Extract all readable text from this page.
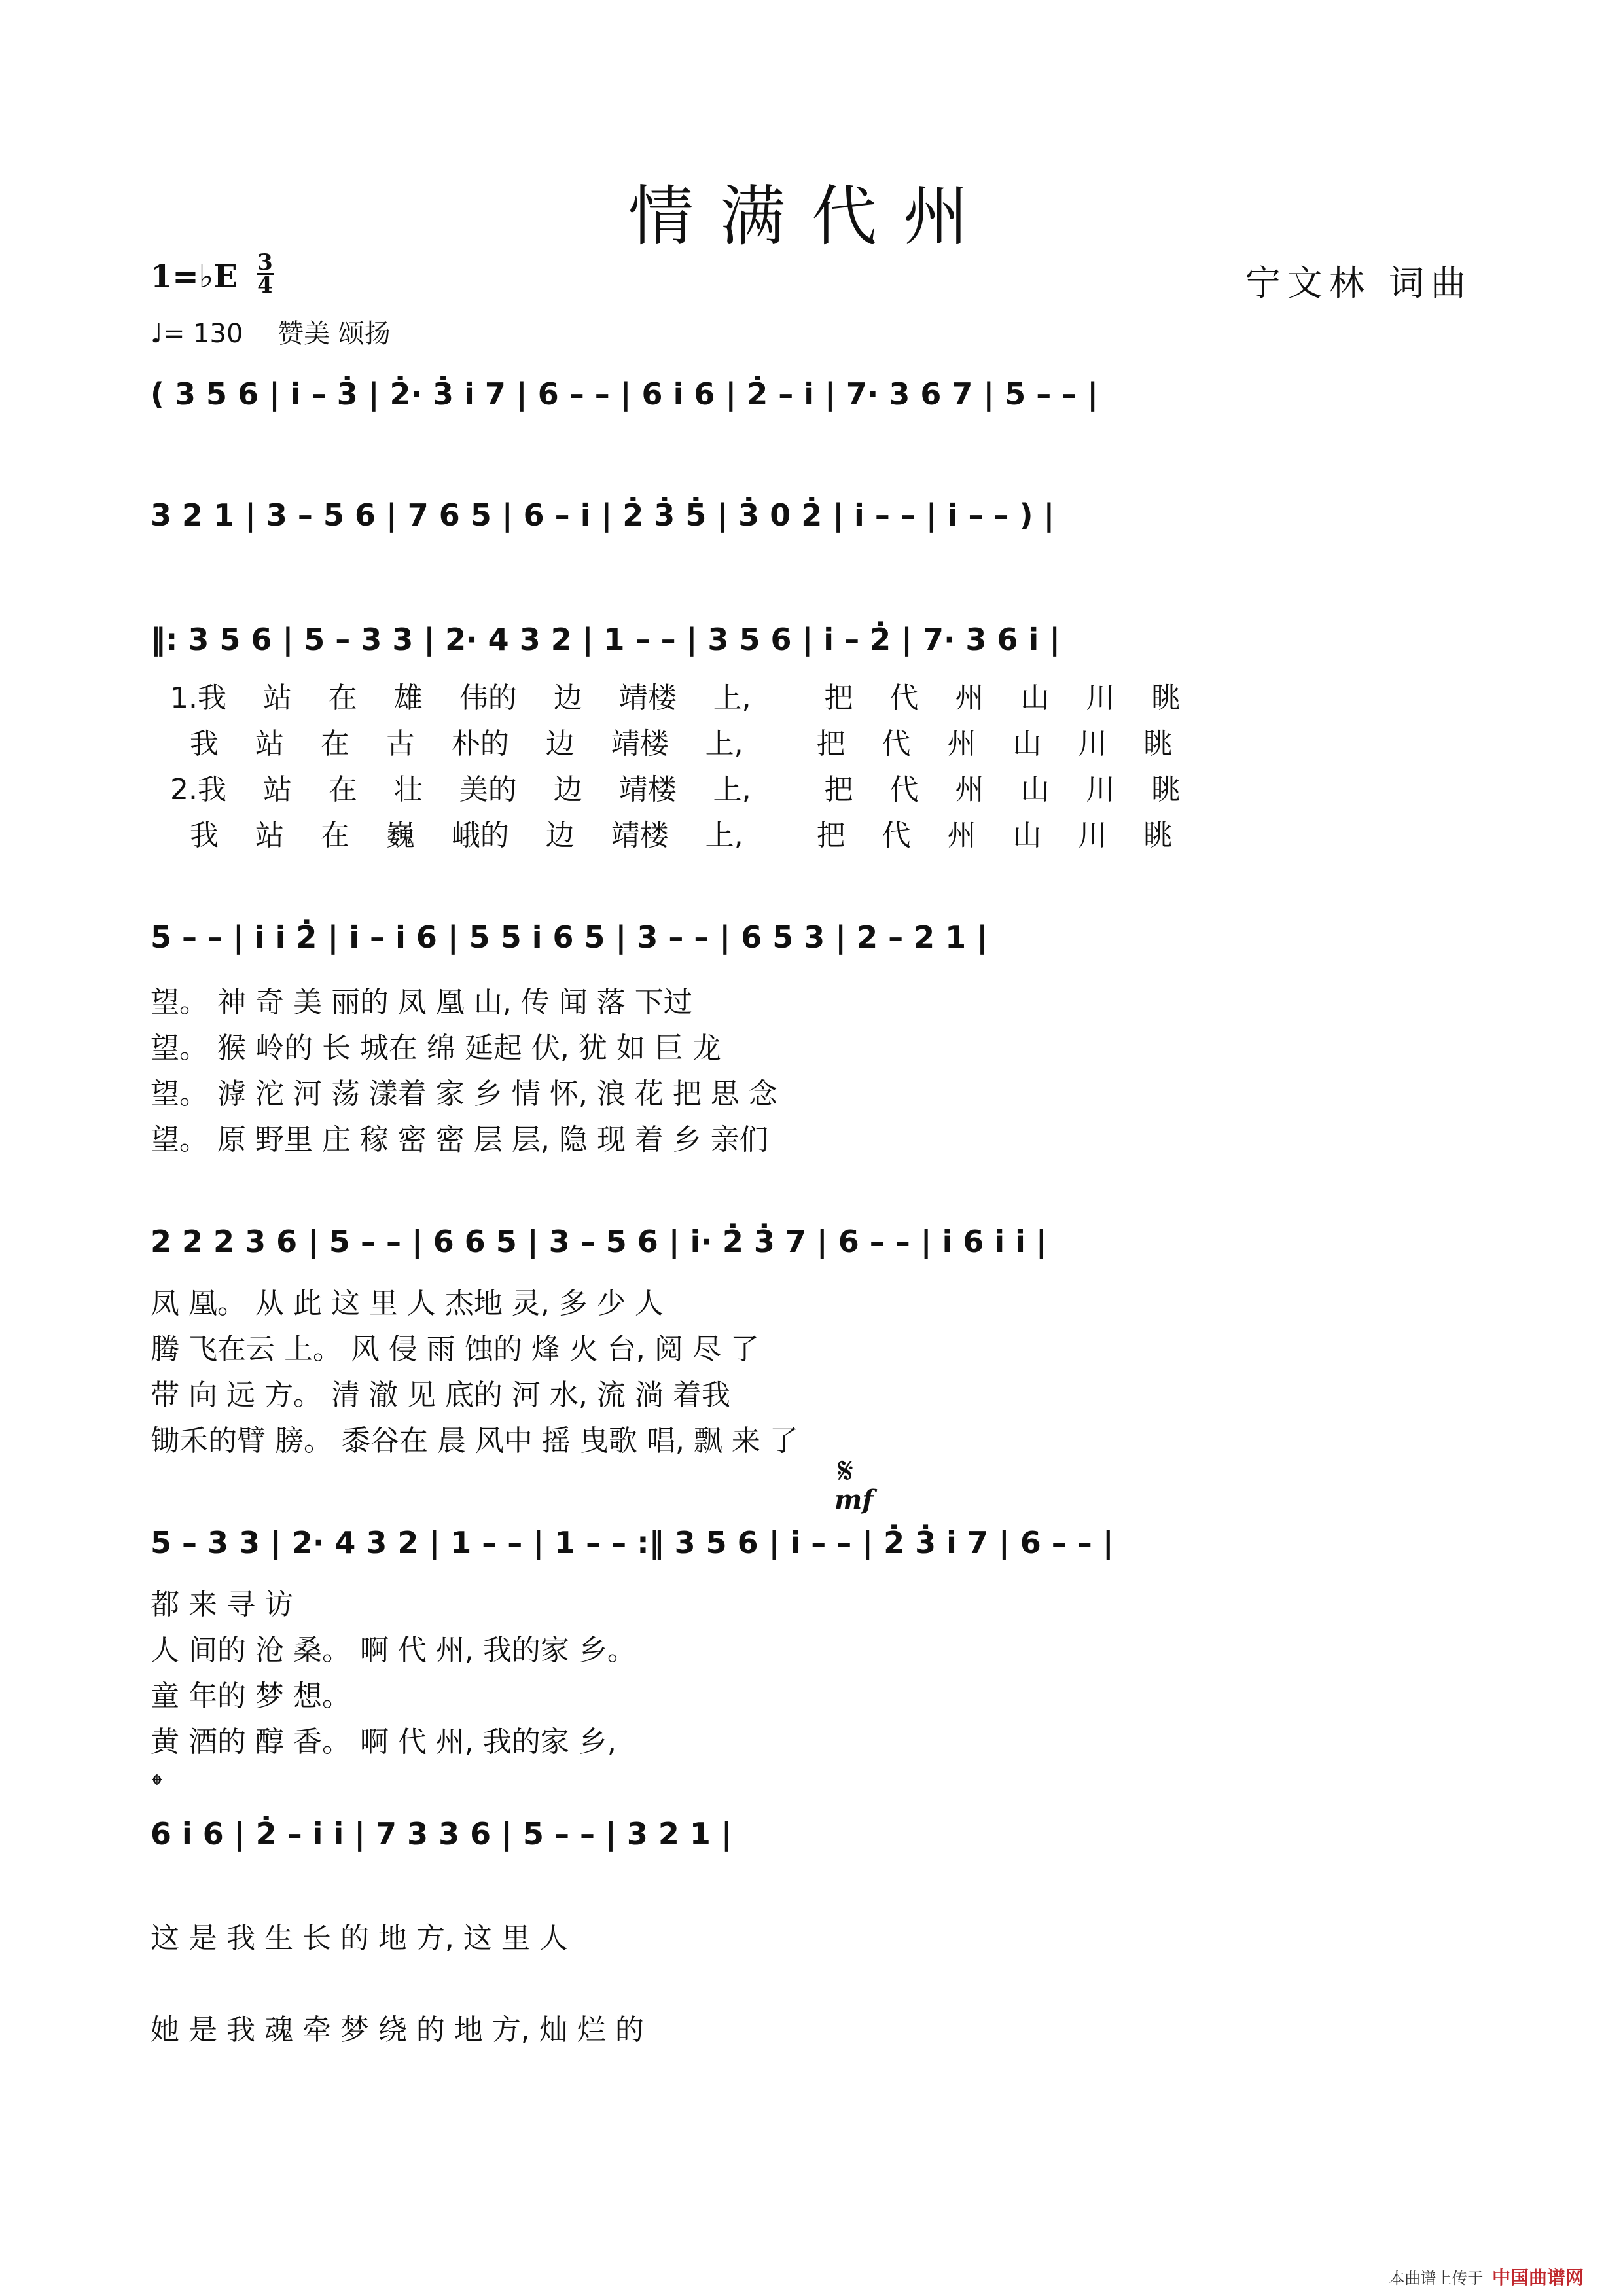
情满代州
宁文林 词曲
1=♭E 3
4
♩= 130 赞美 颂扬
( 3 5 6 | i̇ – 3̇ | 2̇· 3̇ i̇ 7 | 6 – – | 6 i̇ 6 | 2̇ – i̇ | 7· 3 6 7 | 5 – – |
3 2 1 | 3 – 5 6 | 7 6 5 | 6 – i̇ | 2̇ 3̇ 5̇ | 3̇ 0 2̇ | i̇ – – | i̇ – – ) |
‖: 3 5 6 | 5 – 3 3 | 2· 4 3 2 | 1 – – | 3 5 6 | i̇ – 2̇ | 7· 3 6 i̇ |
1.我 站 在 雄 伟的 边 靖楼 上,	把 代 州 山 川 眺
我 站 在 古 朴的 边 靖楼 上,	把 代 州 山 川 眺
2.我 站 在 壮 美的 边 靖楼 上,	把 代 州 山 川 眺
我 站 在 巍 峨的 边 靖楼 上,	把 代 州 山 川 眺
5 – – | i̇ i̇ 2̇ | i̇ – i̇ 6 | 5 5 i̇ 6 5 | 3 – – | 6 5 3 | 2 – 2 1 |
望。 神 奇 美 丽的 凤 凰 山, 传 闻 落 下过
望。 猴 岭的 长 城在 绵 延起 伏, 犹 如 巨 龙
望。 滹 沱 河 荡 漾着 家 乡 情 怀, 浪 花 把 思 念
望。 原 野里 庄 稼 密 密 层 层, 隐 现 着 乡 亲们
2 2 2 3 6 | 5 – – | 6 6 5 | 3 – 5 6 | i̇· 2̇ 3̇ 7 | 6 – – | i̇ 6 i̇ i̇ |
凤 凰。 从 此 这 里 人 杰地 灵, 多 少 人
腾 飞在云 上。 风 侵 雨 蚀的 烽 火 台, 阅 尽 了
带 向 远 方。 清 澈 见 底的 河 水, 流 淌 着我
锄禾的臂 膀。 黍谷在 晨 风中 摇 曳歌 唱, 飘 来 了
𝄋
mf
5 – 3 3 | 2· 4 3 2 | 1 – – | 1 – – :‖ 3 5 6 | i̇ – – | 2̇ 3̇ i̇ 7 | 6 – – |
都 来 寻 访
人 间的 沧 桑。 啊 代 州, 我的家 乡。
童 年的 梦 想。
黄 酒的 醇 香。 啊 代 州, 我的家 乡,
𝄌
6 i̇ 6 | 2̇ – i̇ i̇ | 7 3 3 6 | 5 – – | 3 2 1 |
这 是 我 生 长 的 地 方, 这 里 人
她 是 我 魂 牵 梦 绕 的 地 方, 灿 烂 的
本曲谱上传于 中国曲谱网
